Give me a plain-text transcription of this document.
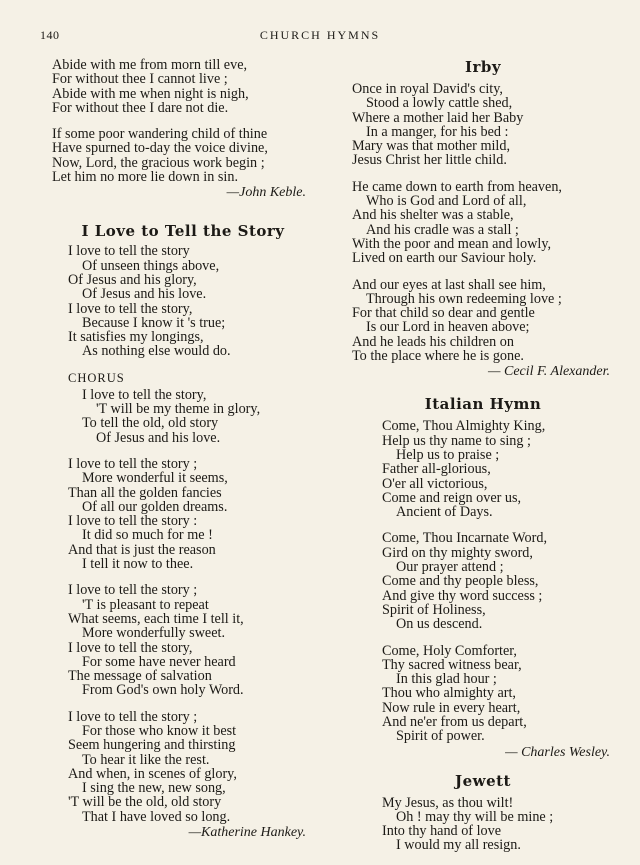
140	CHURCH HYMNS
Abide with me from morn till eve,
For without thee I cannot live ;
Abide with me when night is nigh,
For without thee I dare not die.
If some poor wandering child of thine
Have spurned to-day the voice divine,
Now, Lord, the gracious work begin ;
Let him no more lie down in sin.
—John Keble.
I Love to Tell the Story
I love to tell the story
Of unseen things above,
Of Jesus and his glory,
Of Jesus and his love.
I love to tell the story,
Because I know it 's true;
It satisfies my longings,
As nothing else would do.
CHORUS
I love to tell the story,
'T will be my theme in glory,
To tell the old, old story
Of Jesus and his love.
I love to tell the story ;
More wonderful it seems,
Than all the golden fancies
Of all our golden dreams.
I love to tell the story :
It did so much for me !
And that is just the reason
I tell it now to thee.
I love to tell the story ;
'T is pleasant to repeat
What seems, each time I tell it,
More wonderfully sweet.
I love to tell the story,
For some have never heard
The message of salvation
From God's own holy Word.
I love to tell the story ;
For those who know it best
Seem hungering and thirsting
To hear it like the rest.
And when, in scenes of glory,
I sing the new, new song,
'T will be the old, old story
That I have loved so long.
—Katherine Hankey.
Irby
Once in royal David's city,
Stood a lowly cattle shed,
Where a mother laid her Baby
In a manger, for his bed :
Mary was that mother mild,
Jesus Christ her little child.
He came down to earth from heaven,
Who is God and Lord of all,
And his shelter was a stable,
And his cradle was a stall ;
With the poor and mean and lowly,
Lived on earth our Saviour holy.
And our eyes at last shall see him,
Through his own redeeming love ;
For that child so dear and gentle
Is our Lord in heaven above;
And he leads his children on
To the place where he is gone.
— Cecil F. Alexander.
Italian Hymn
Come, Thou Almighty King,
Help us thy name to sing ;
Help us to praise ;
Father all-glorious,
O'er all victorious,
Come and reign over us,
Ancient of Days.
Come, Thou Incarnate Word,
Gird on thy mighty sword,
Our prayer attend ;
Come and thy people bless,
And give thy word success ;
Spirit of Holiness,
On us descend.
Come, Holy Comforter,
Thy sacred witness bear,
In this glad hour ;
Thou who almighty art,
Now rule in every heart,
And ne'er from us depart,
Spirit of power.
— Charles Wesley.
Jewett
My Jesus, as thou wilt!
Oh ! may thy will be mine ;
Into thy hand of love
I would my all resign.
